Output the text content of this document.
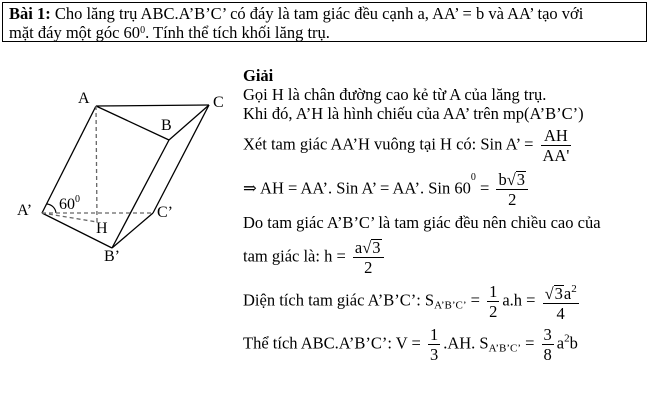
Bài 1: Cho lăng trụ ABC.A’B’C’ có đáy là tam giác đều cạnh a, AA’ = b và AA’ tạo với
mặt đáy một góc $60^0$. Tính thể tích khối lăng trụ.
A	C
B
A’	C’
H
B’
$60^0$
Giải
Gọi H là chân đường cao kẻ từ A của lăng trụ.
Khi đó, A’H là hình chiếu của AA’ trên mp(A’B’C’)
Xét tam giác AA’H vuông tại H có: Sin A’ = $\frac{AH}{AA'}$
⇒ AH = AA’. Sin A’ = AA’. Sin $60^0 = \frac{b√3}{2}$
Do tam giác A’B’C’ là tam giác đều nên chiều cao của
tam giác là: $h = \frac{a√3}{2}$
Diện tích tam giác A’B’C’: $S_{A’B’C’} = \frac{1}{2} a.h = \frac{√3a^2}{4}$
Thể tích ABC.A’B’C’: $V = \frac{1}{3} .AH$. $S_{A’B’C’} = \frac{3}{8} a^2b$
